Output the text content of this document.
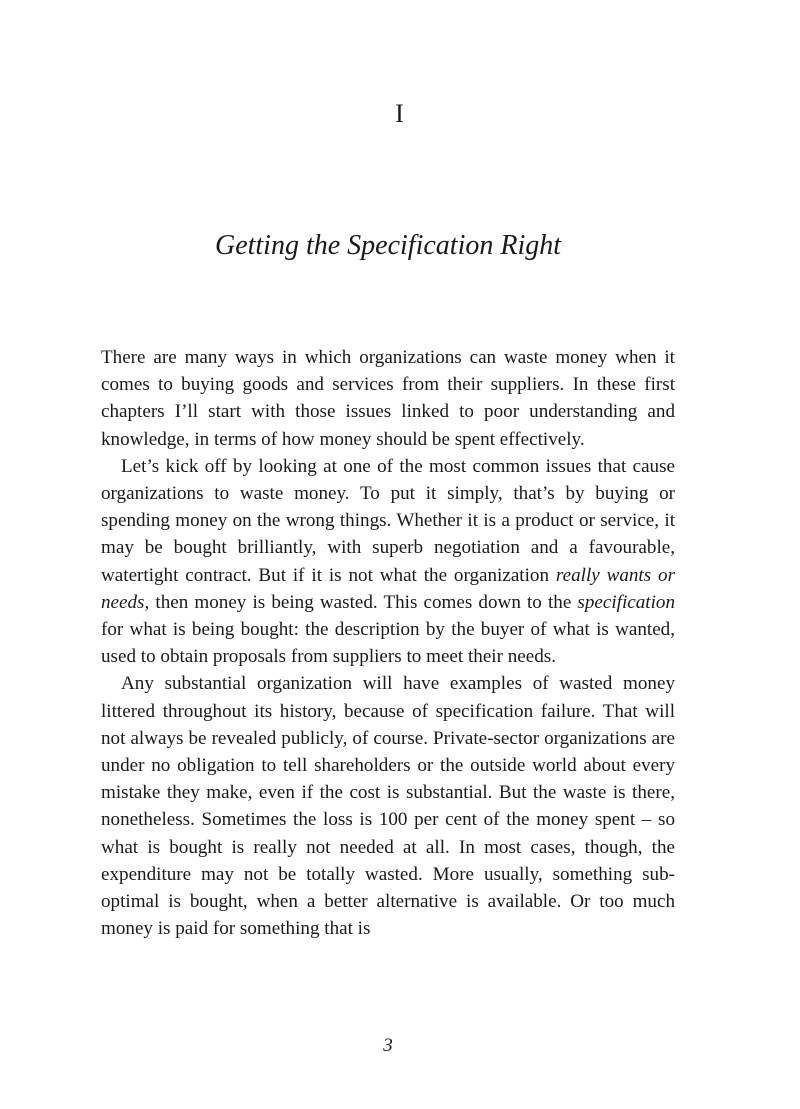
I
Getting the Specification Right

There are many ways in which organizations can waste money when it comes to buying goods and services from their suppliers. In these first chapters I’ll start with those issues linked to poor understanding and knowledge, in terms of how money should be spent effectively.

Let’s kick off by looking at one of the most common issues that cause organizations to waste money. To put it simply, that’s by buying or spending money on the wrong things. Whether it is a product or service, it may be bought brilliantly, with superb negotiation and a favourable, watertight contract. But if it is not what the organization really wants or needs, then money is being wasted. This comes down to the specification for what is being bought: the description by the buyer of what is wanted, used to obtain proposals from suppliers to meet their needs.

Any substantial organization will have examples of wasted money littered throughout its history, because of specification failure. That will not always be revealed publicly, of course. Private-sector organizations are under no obligation to tell shareholders or the outside world about every mistake they make, even if the cost is substantial. But the waste is there, nonetheless. Sometimes the loss is 100 per cent of the money spent – so what is bought is really not needed at all. In most cases, though, the expenditure may not be totally wasted. More usually, something sub-optimal is bought, when a better alternative is available. Or too much money is paid for something that is

3
